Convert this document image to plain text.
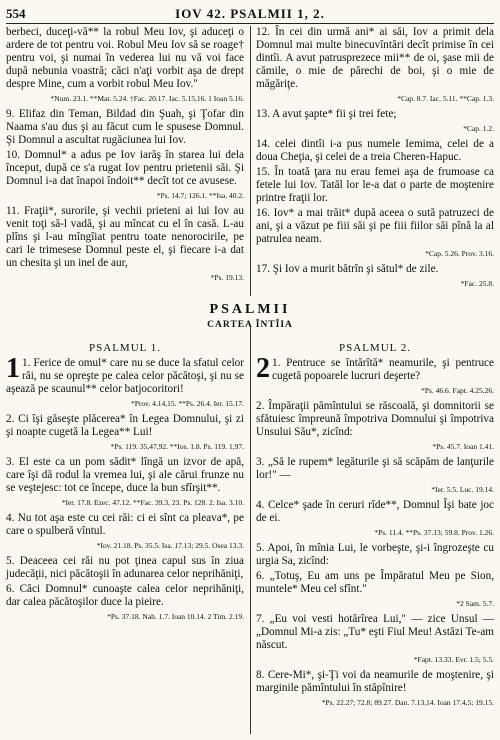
554	IOV 42. PSALMII 1, 2.

berbeci, duceţi-vă** la robul Meu Iov, şi aduceţi o ardere de tot pentru voi. Robul Meu Iov să se roage† pentru voi, şi numai în vederea lui nu vă voi face după nebunia voastră; căci n'aţi vorbit aşa de drept despre Mine, cum a vorbit robul Meu Iov."

*Num. 23.1. **Mat. 5.24. †Fac. 20.17. Iac. 5.15,16. 1 Ioan 5.16.

9. Elifaz din Teman, Bildad din Şuah, şi Ţofar din Naama s'au dus şi au făcut cum le spusese Domnul. Şi Domnul a ascultat rugăciunea lui Iov.

10. Domnul* a adus pe Iov iarăş în starea lui dela început, după ce s'a rugat Iov pentru prietenii săi. Şi Domnul i-a dat înapoi îndoit** decît tot ce avusese.

*Ps. 14.7; 126.1. **Isa. 40.2.

11. Fraţii*, surorile, şi vechii prieteni ai lui Iov au venit toţi să-l vadă, şi au mîncat cu el în casă. L-au plîns şi l-au mîngîiat pentru toate nenorocirile, pe cari le trimesese Domnul peste el, şi fiecare i-a dat un chesita şi un inel de aur,

*Ps. 19.13.

12. În cei din urmă ani* ai săi, Iov a primit dela Domnul mai multe binecuvîntări decît primise în cei dintîi. A avut patrusprezece mii** de oi, şase mii de cămile, o mie de părechi de boi, şi o mie de măgăriţe.

*Cap. 8.7. Iac. 5.11. **Cap. 1.3.

13. A avut şapte* fii şi trei fete;

*Cap. 1.2.

14. celei dintîi i-a pus numele Iemima, celei de a doua Cheţia, şi celei de a treia Cheren-Hapuc.

15. În toată ţara nu erau femei aşa de frumoase ca fetele lui Iov. Tatăl lor le-a dat o parte de moştenire printre fraţii lor.

16. Iov* a mai trăit* după aceea o sută patruzeci de ani, şi a văzut pe fiii săi şi pe fiii fiilor săi pînă la al patrulea neam.

*Cap. 5.26. Prov. 3.16.

17. Şi Iov a murit bătrîn şi sătul* de zile.

*Fac. 25.8.
PSALMII
CARTEA ÎNTÎIA
PSALMUL 1.

1 1. Ferice de omul* care nu se duce la sfatul celor răi, nu se opreşte pe calea celor păcătoşi, şi nu se aşează pe scaunul** celor batjocoritori!

*Prov. 4.14,15. **Ps. 26.4. Ier. 15.17.

2. Ci îşi găseşte plăcerea* în Legea Domnului, şi zi şi noapte cugetă la Legea** Lui!

*Ps. 119. 35,47,92. **Ios. 1.8. Ps. 119. 1,97.

3. El este ca un pom sădit* lîngă un izvor de apă, care îşi dă rodul la vremea lui, şi ale cărui frunze nu se veştejesc: tot ce începe, duce la bun sfîrşit**.

*Ier. 17.8. Ezec. 47.12. **Fac. 39.3, 23. Ps. 128. 2. Isa. 3.10.

4. Nu tot aşa este cu cei răi: ci ei sînt ca pleava*, pe care o spulberă vîntul.

*Iov. 21.18. Ps. 35.5. Isa. 17.13; 29.5. Osea 13.3.

5. Deaceea cei răi nu pot ţinea capul sus în ziua judecăţii, nici păcătoşii în adunarea celor neprihăniţi,

6. Căci Domnul* cunoaşte calea celor neprihăniţi, dar calea păcătoşilor duce la pieire.

*Ps. 37.18. Nah. 1.7. Ioan 10.14. 2 Tim. 2.19.
PSALMUL 2.

2 1. Pentruce se întărîtă* neamurile, şi pentruce cugetă popoarele lucruri deşerte?

*Ps. 46.6. Fapt. 4.25,26.

2. Împăraţii pămîntului se răscoală, şi domnitorii se sfătuiesc împreună împotriva Domnului şi împotriva Unsului Său*, zicînd:

*Ps. 45.7. Ioan 1.41.

3. „Să le rupem* legăturile şi să scăpăm de lanţurile lor!" —

*Ier. 5.5. Luc. 19.14.

4. Celce* şade în ceruri rîde**, Domnul Îşi bate joc de ei.

*Ps. 11.4. **Ps. 37.13; 59.8. Prov. 1.26.

5. Apoi, în mînia Lui, le vorbeşte, şi-i îngrozeşte cu urgia Sa, zicînd:

6. „Totuş, Eu am uns pe Împăratul Meu pe Sion, muntele* Meu cel sfînt."

*2 Sam. 5.7.

7. „Eu voi vesti hotărîrea Lui," — zice Unsul — „Domnul Mi-a zis: „Tu* eşti Fiul Meu! Astăzi Te-am născut.

*Fapt. 13.33. Evr. 1.5; 5.5.

8. Cere-Mi*, şi-Ţi voi da neamurile de moştenire, şi marginile pămîntului în stăpînire!

*Ps. 22.27; 72.8; 89.27. Dan. 7.13,14. Ioan 17.4,5; 19.15.
